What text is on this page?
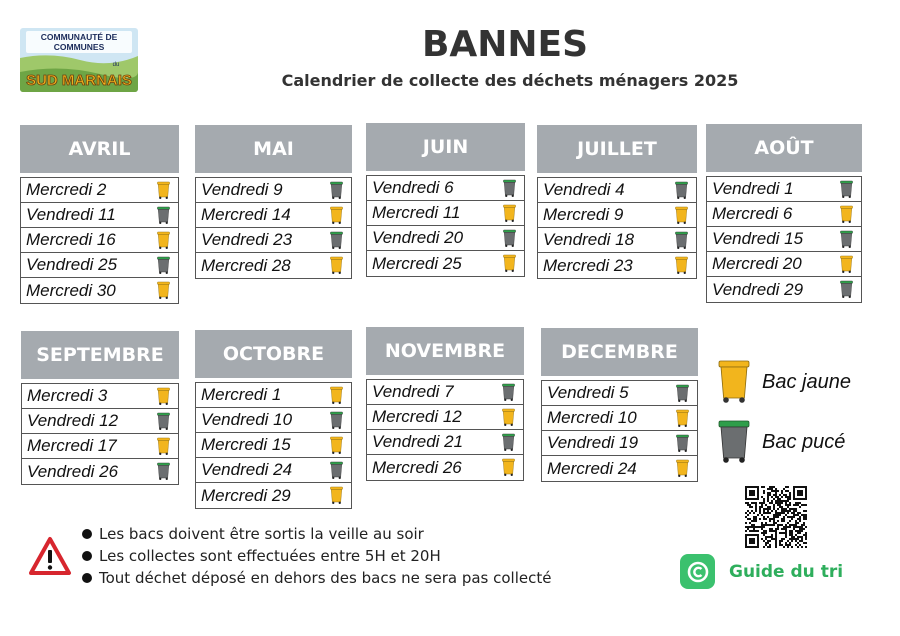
COMMUNAUTÉ DE
COMMUNES
du
SUD MARNAIS
BANNES
Calendrier de collecte des déchets ménagers 2025
AVRIL
Mercredi 2
Vendredi 11
Mercredi 16
Vendredi 25
Mercredi 30
MAI
Vendredi 9
Mercredi 14
Vendredi 23
Mercredi 28
JUIN
Vendredi 6
Mercredi 11
Vendredi 20
Mercredi 25
JUILLET
Vendredi 4
Mercredi 9
Vendredi 18
Mercredi 23
AOÛT
Vendredi 1
Mercredi 6
Vendredi 15
Mercredi 20
Vendredi 29
SEPTEMBRE
Mercredi 3
Vendredi 12
Mercredi 17
Vendredi 26
OCTOBRE
Mercredi 1
Vendredi 10
Mercredi 15
Vendredi 24
Mercredi 29
NOVEMBRE
Vendredi 7
Mercredi 12
Vendredi 21
Mercredi 26
DECEMBRE
Vendredi 5
Mercredi 10
Vendredi 19
Mercredi 24
Bac jaune
Bac pucé
Les bacs doivent être sortis la veille au soir
Les collectes sont effectuées entre 5H et 20H
Tout déchet déposé en dehors des bacs ne sera pas collecté	Guide du tri
